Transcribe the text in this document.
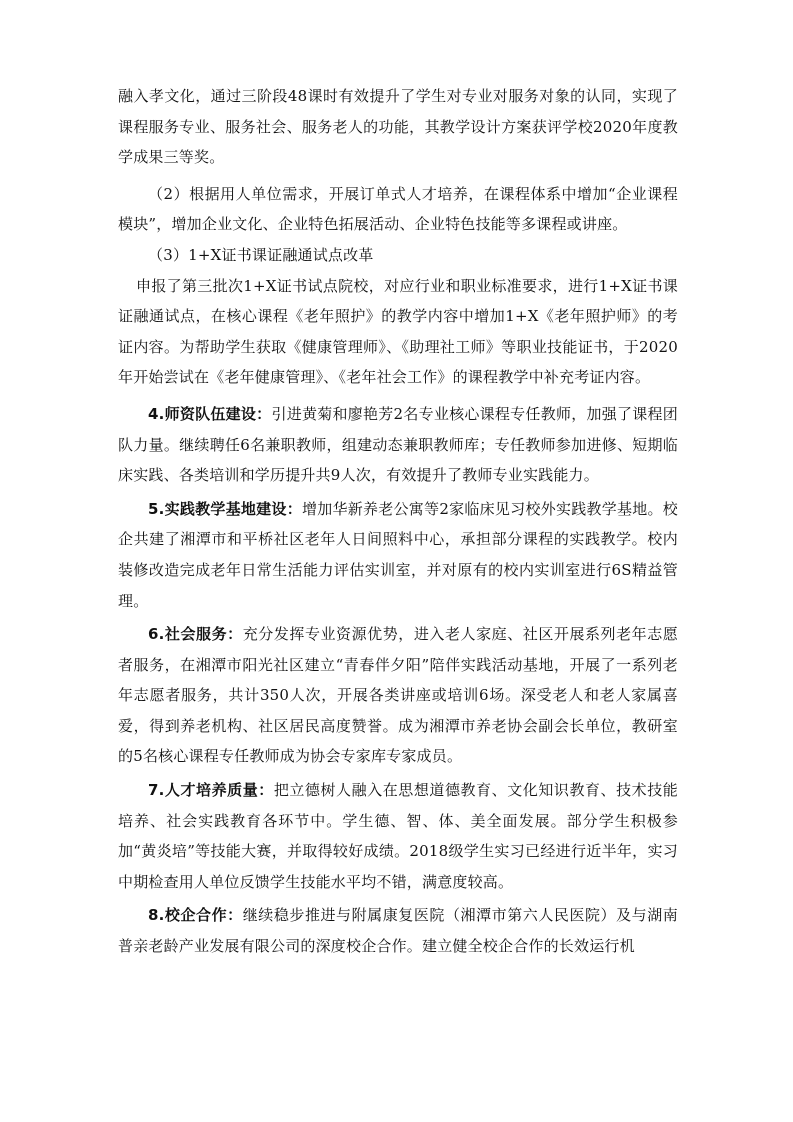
融入孝文化，通过三阶段48课时有效提升了学生对专业对服务对象的认同，实现了课程服务专业、服务社会、服务老人的功能，其教学设计方案获评学校2020年度教学成果三等奖。

（2）根据用人单位需求，开展订单式人才培养，在课程体系中增加“企业课程模块”，增加企业文化、企业特色拓展活动、企业特色技能等多课程或讲座。

（3）1+X证书课证融通试点改革

申报了第三批次1+X证书试点院校，对应行业和职业标准要求，进行1+X证书课证融通试点，在核心课程《老年照护》的教学内容中增加1+X《老年照护师》的考证内容。为帮助学生获取《健康管理师》、《助理社工师》等职业技能证书，于2020年开始尝试在《老年健康管理》、《老年社会工作》的课程教学中补充考证内容。

4.师资队伍建设：引进黄菊和廖艳芳2名专业核心课程专任教师，加强了课程团队力量。继续聘任6名兼职教师，组建动态兼职教师库；专任教师参加进修、短期临床实践、各类培训和学历提升共9人次，有效提升了教师专业实践能力。

5.实践教学基地建设：增加华新养老公寓等2家临床见习校外实践教学基地。校企共建了湘潭市和平桥社区老年人日间照料中心，承担部分课程的实践教学。校内装修改造完成老年日常生活能力评估实训室，并对原有的校内实训室进行6S精益管理。

6.社会服务：充分发挥专业资源优势，进入老人家庭、社区开展系列老年志愿者服务，在湘潭市阳光社区建立“青春伴夕阳”陪伴实践活动基地，开展了一系列老年志愿者服务，共计350人次，开展各类讲座或培训6场。深受老人和老人家属喜爱，得到养老机构、社区居民高度赞誉。成为湘潭市养老协会副会长单位，教研室的5名核心课程专任教师成为协会专家库专家成员。

7.人才培养质量：把立德树人融入在思想道德教育、文化知识教育、技术技能培养、社会实践教育各环节中。学生德、智、体、美全面发展。部分学生积极参加“黄炎培”等技能大赛，并取得较好成绩。2018级学生实习已经进行近半年，实习中期检查用人单位反馈学生技能水平均不错，满意度较高。

8.校企合作：继续稳步推进与附属康复医院（湘潭市第六人民医院）及与湖南普亲老龄产业发展有限公司的深度校企合作。建立健全校企合作的长效运行机
